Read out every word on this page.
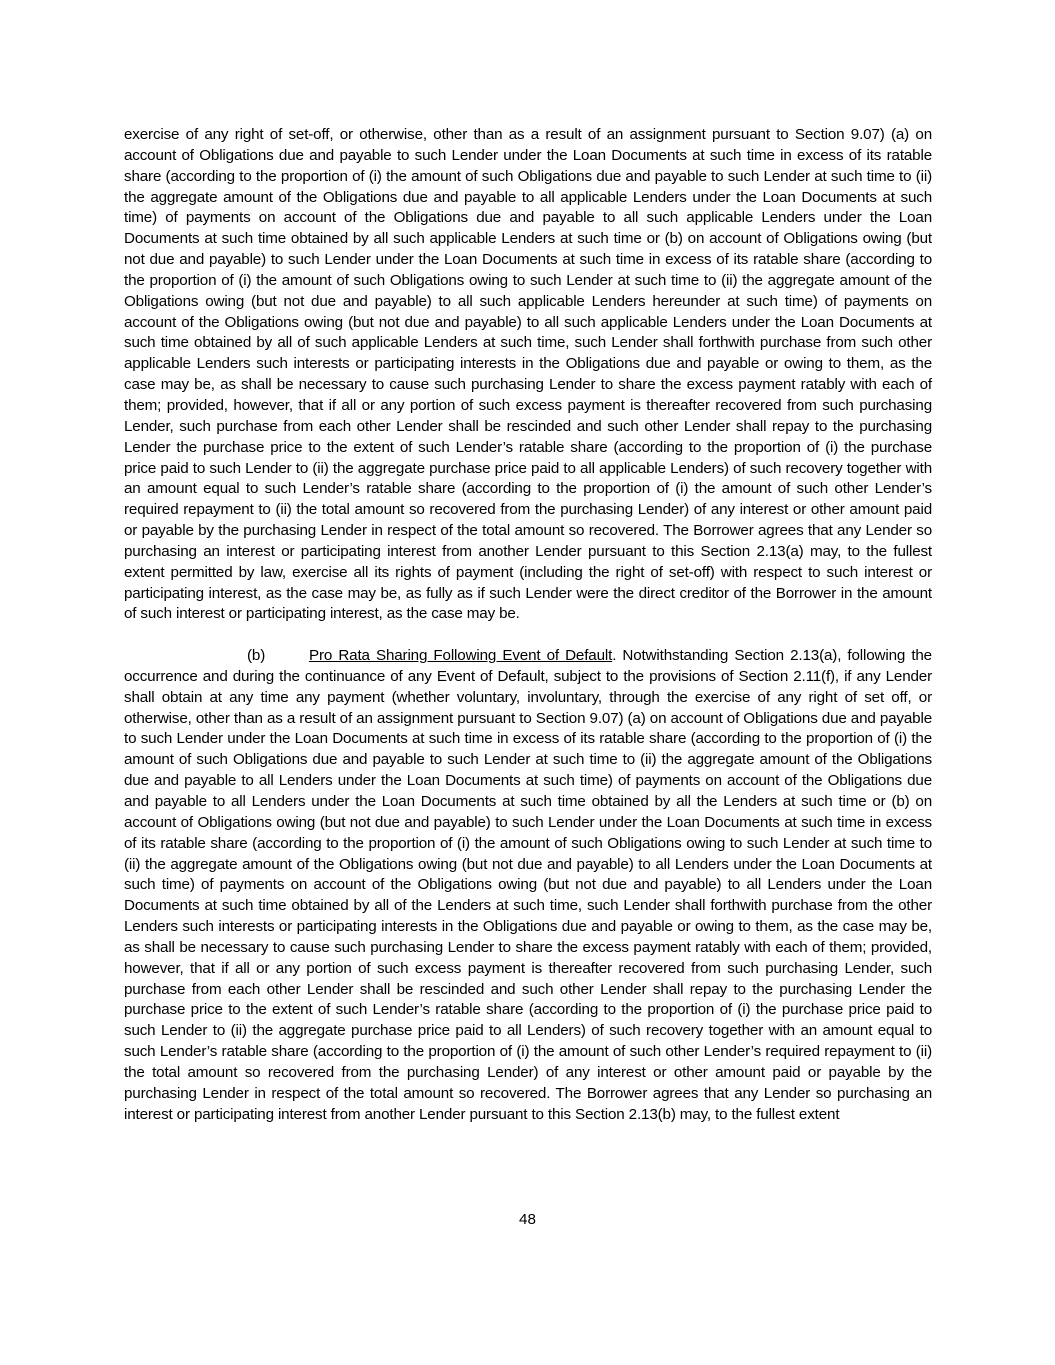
exercise of any right of set-off, or otherwise, other than as a result of an assignment pursuant to Section 9.07) (a) on account of Obligations due and payable to such Lender under the Loan Documents at such time in excess of its ratable share (according to the proportion of (i) the amount of such Obligations due and payable to such Lender at such time to (ii) the aggregate amount of the Obligations due and payable to all applicable Lenders under the Loan Documents at such time) of payments on account of the Obligations due and payable to all such applicable Lenders under the Loan Documents at such time obtained by all such applicable Lenders at such time or (b) on account of Obligations owing (but not due and payable) to such Lender under the Loan Documents at such time in excess of its ratable share (according to the proportion of (i) the amount of such Obligations owing to such Lender at such time to (ii) the aggregate amount of the Obligations owing (but not due and payable) to all such applicable Lenders hereunder at such time) of payments on account of the Obligations owing (but not due and payable) to all such applicable Lenders under the Loan Documents at such time obtained by all of such applicable Lenders at such time, such Lender shall forthwith purchase from such other applicable Lenders such interests or participating interests in the Obligations due and payable or owing to them, as the case may be, as shall be necessary to cause such purchasing Lender to share the excess payment ratably with each of them; provided, however, that if all or any portion of such excess payment is thereafter recovered from such purchasing Lender, such purchase from each other Lender shall be rescinded and such other Lender shall repay to the purchasing Lender the purchase price to the extent of such Lender’s ratable share (according to the proportion of (i) the purchase price paid to such Lender to (ii) the aggregate purchase price paid to all applicable Lenders) of such recovery together with an amount equal to such Lender’s ratable share (according to the proportion of (i) the amount of such other Lender’s required repayment to (ii) the total amount so recovered from the purchasing Lender) of any interest or other amount paid or payable by the purchasing Lender in respect of the total amount so recovered. The Borrower agrees that any Lender so purchasing an interest or participating interest from another Lender pursuant to this Section 2.13(a) may, to the fullest extent permitted by law, exercise all its rights of payment (including the right of set-off) with respect to such interest or participating interest, as the case may be, as fully as if such Lender were the direct creditor of the Borrower in the amount of such interest or participating interest, as the case may be.

(b)	Pro Rata Sharing Following Event of Default. Notwithstanding Section 2.13(a), following the occurrence and during the continuance of any Event of Default, subject to the provisions of Section 2.11(f), if any Lender shall obtain at any time any payment (whether voluntary, involuntary, through the exercise of any right of set off, or otherwise, other than as a result of an assignment pursuant to Section 9.07) (a) on account of Obligations due and payable to such Lender under the Loan Documents at such time in excess of its ratable share (according to the proportion of (i) the amount of such Obligations due and payable to such Lender at such time to (ii) the aggregate amount of the Obligations due and payable to all Lenders under the Loan Documents at such time) of payments on account of the Obligations due and payable to all Lenders under the Loan Documents at such time obtained by all the Lenders at such time or (b) on account of Obligations owing (but not due and payable) to such Lender under the Loan Documents at such time in excess of its ratable share (according to the proportion of (i) the amount of such Obligations owing to such Lender at such time to (ii) the aggregate amount of the Obligations owing (but not due and payable) to all Lenders under the Loan Documents at such time) of payments on account of the Obligations owing (but not due and payable) to all Lenders under the Loan Documents at such time obtained by all of the Lenders at such time, such Lender shall forthwith purchase from the other Lenders such interests or participating interests in the Obligations due and payable or owing to them, as the case may be, as shall be necessary to cause such purchasing Lender to share the excess payment ratably with each of them; provided, however, that if all or any portion of such excess payment is thereafter recovered from such purchasing Lender, such purchase from each other Lender shall be rescinded and such other Lender shall repay to the purchasing Lender the purchase price to the extent of such Lender’s ratable share (according to the proportion of (i) the purchase price paid to such Lender to (ii) the aggregate purchase price paid to all Lenders) of such recovery together with an amount equal to such Lender’s ratable share (according to the proportion of (i) the amount of such other Lender’s required repayment to (ii) the total amount so recovered from the purchasing Lender) of any interest or other amount paid or payable by the purchasing Lender in respect of the total amount so recovered. The Borrower agrees that any Lender so purchasing an interest or participating interest from another Lender pursuant to this Section 2.13(b) may, to the fullest extent

48
